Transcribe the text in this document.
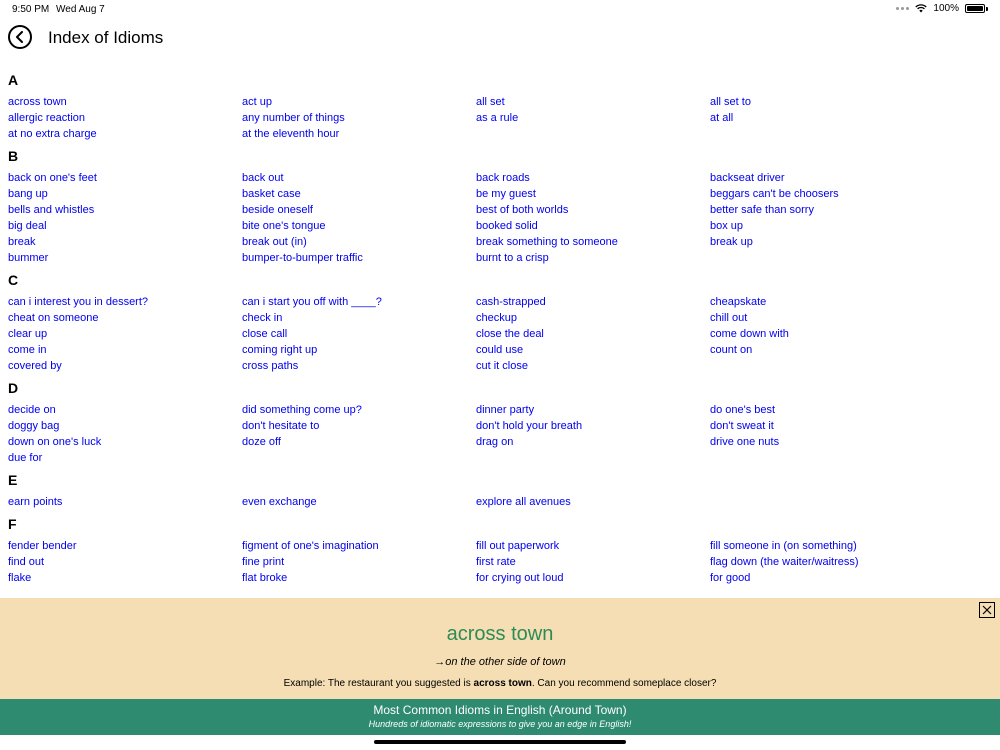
9:50 PM Wed Aug 7	100%
Index of Idioms
A
across town	act up	all set	all set to
allergic reaction	any number of things	as a rule	at all
at no extra charge	at the eleventh hour
B
back on one's feet	back out	back roads	backseat driver
bang up	basket case	be my guest	beggars can't be choosers
bells and whistles	beside oneself	best of both worlds	better safe than sorry
big deal	bite one's tongue	booked solid	box up
break	break out (in)	break something to someone	break up
bummer	bumper-to-bumper traffic	burnt to a crisp
C
can i interest you in dessert?	can i start you off with ____?	cash-strapped	cheapskate
cheat on someone	check in	checkup	chill out
clear up	close call	close the deal	come down with
come in	coming right up	could use	count on
covered by	cross paths	cut it close
D
decide on	did something come up?	dinner party	do one's best
doggy bag	don't hesitate to	don't hold your breath	don't sweat it
down on one's luck	doze off	drag on	drive one nuts
due for
E
earn points	even exchange	explore all avenues
F
fender bender	figment of one's imagination	fill out paperwork	fill someone in (on something)
find out	fine print	first rate	flag down (the waiter/waitress)
flake	flat broke	for crying out loud	for good
across town
→on the other side of town
Example: The restaurant you suggested is across town. Can you recommend someplace closer?
Most Common Idioms in English (Around Town)
Hundreds of idiomatic expressions to give you an edge in English!
